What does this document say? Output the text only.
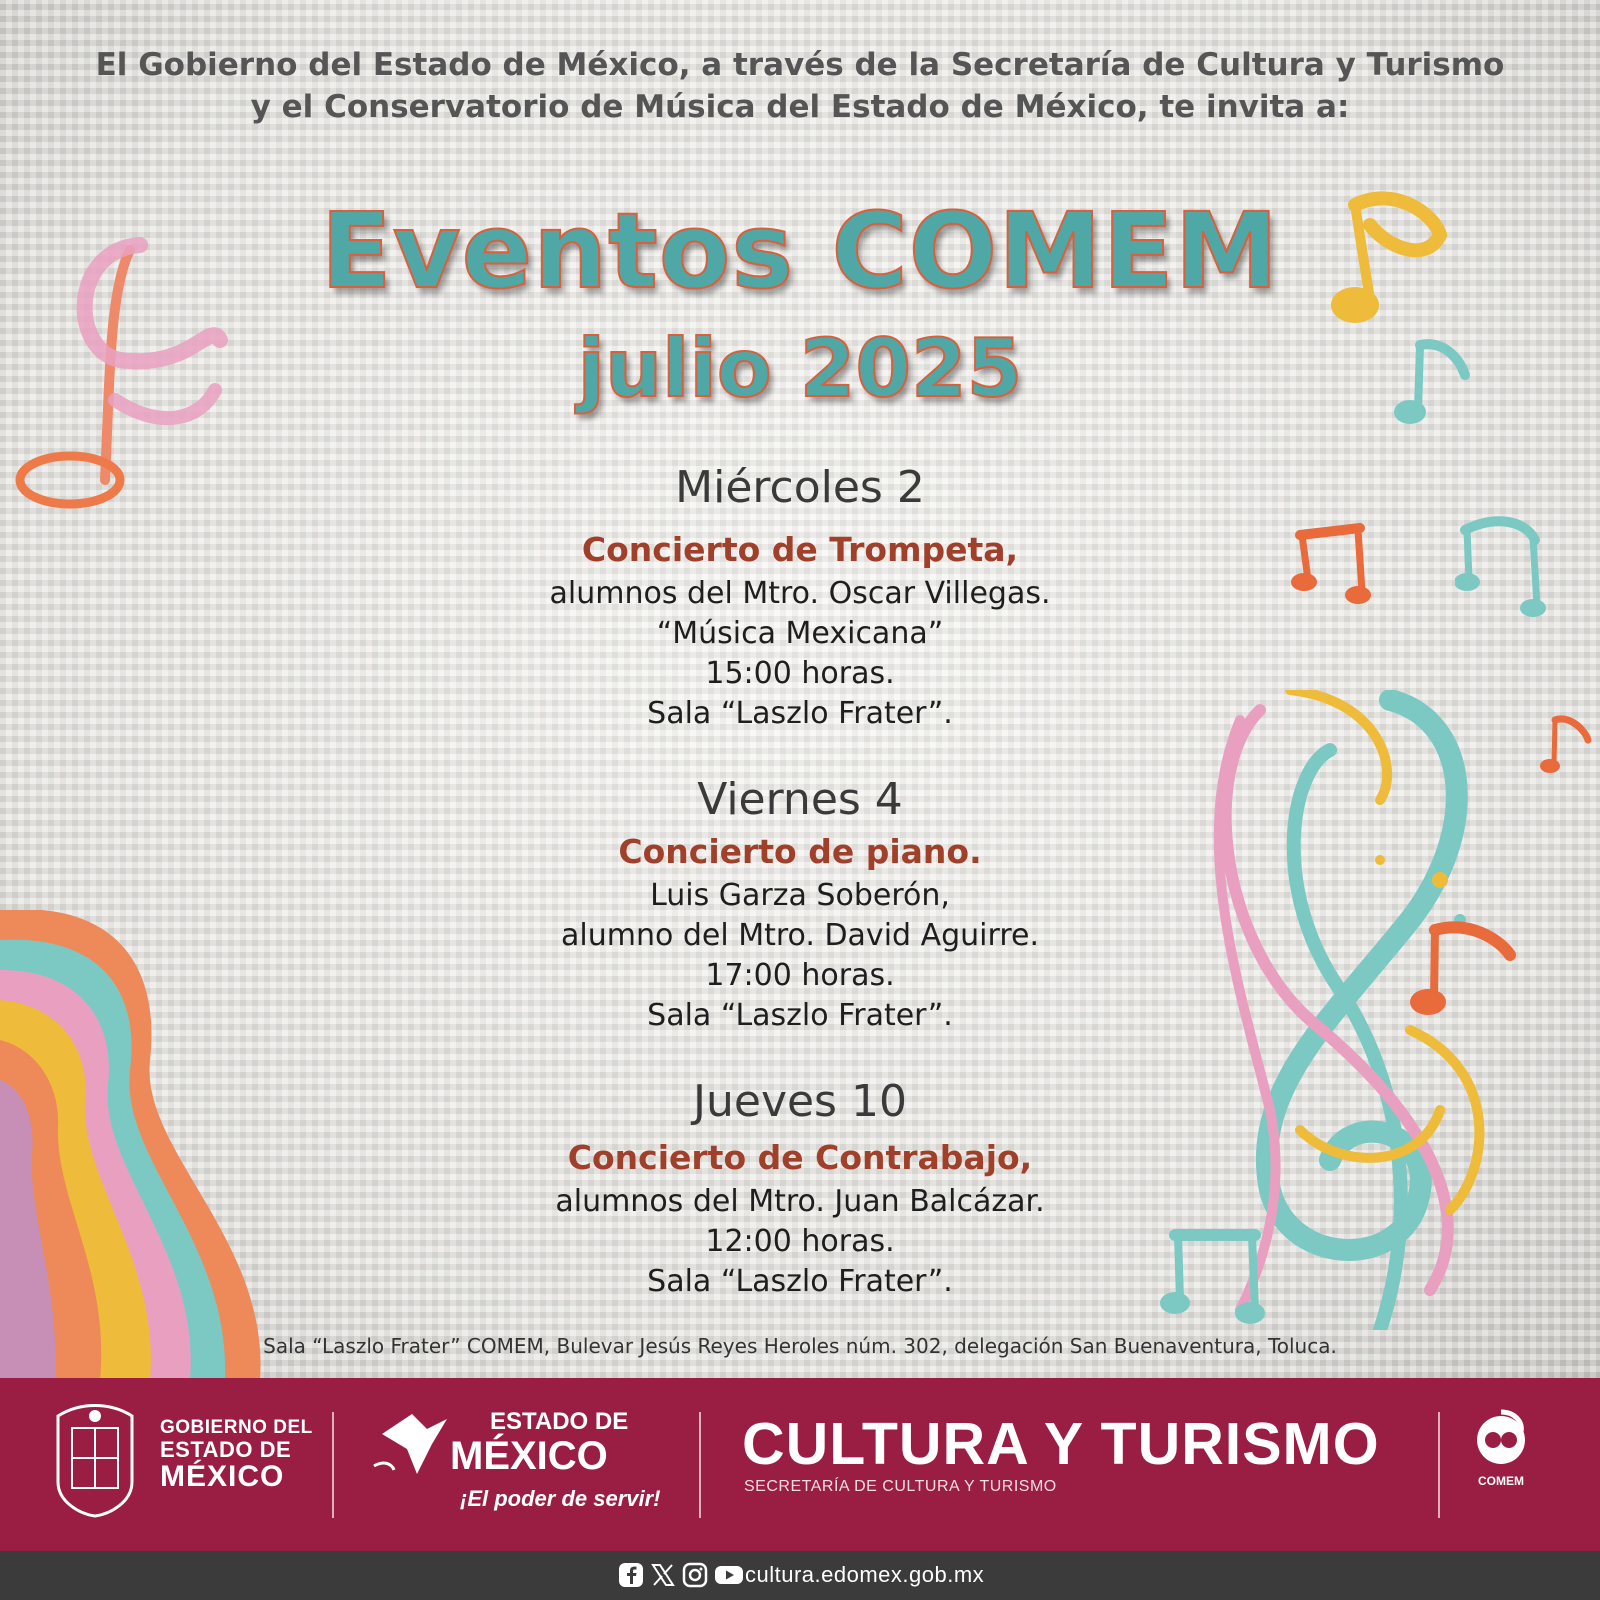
El Gobierno del Estado de México, a través de la Secretaría de Cultura y Turismo
y el Conservatorio de Música del Estado de México, te invita a:

Eventos COMEM
julio 2025

Miércoles 2

Concierto de Trompeta,

alumnos del Mtro. Oscar Villegas.

“Música Mexicana”

15:00 horas.

Sala “Laszlo Frater”.

Viernes 4

Concierto de piano.

Luis Garza Soberón,

alumno del Mtro. David Aguirre.

17:00 horas.

Sala “Laszlo Frater”.

Jueves 10

Concierto de Contrabajo,

alumnos del Mtro. Juan Balcázar.

12:00 horas.

Sala “Laszlo Frater”.

Sala “Laszlo Frater” COMEM, Bulevar Jesús Reyes Heroles núm. 302, delegación San Buenaventura, Toluca.
GOBIERNO DEL
ESTADO DE
MÉXICO
ESTADO DE
MÉXICO
¡El poder de servir!
CULTURA Y TURISMO
SECRETARÍA DE CULTURA Y TURISMO	COMEM
cultura.edomex.gob.mx
